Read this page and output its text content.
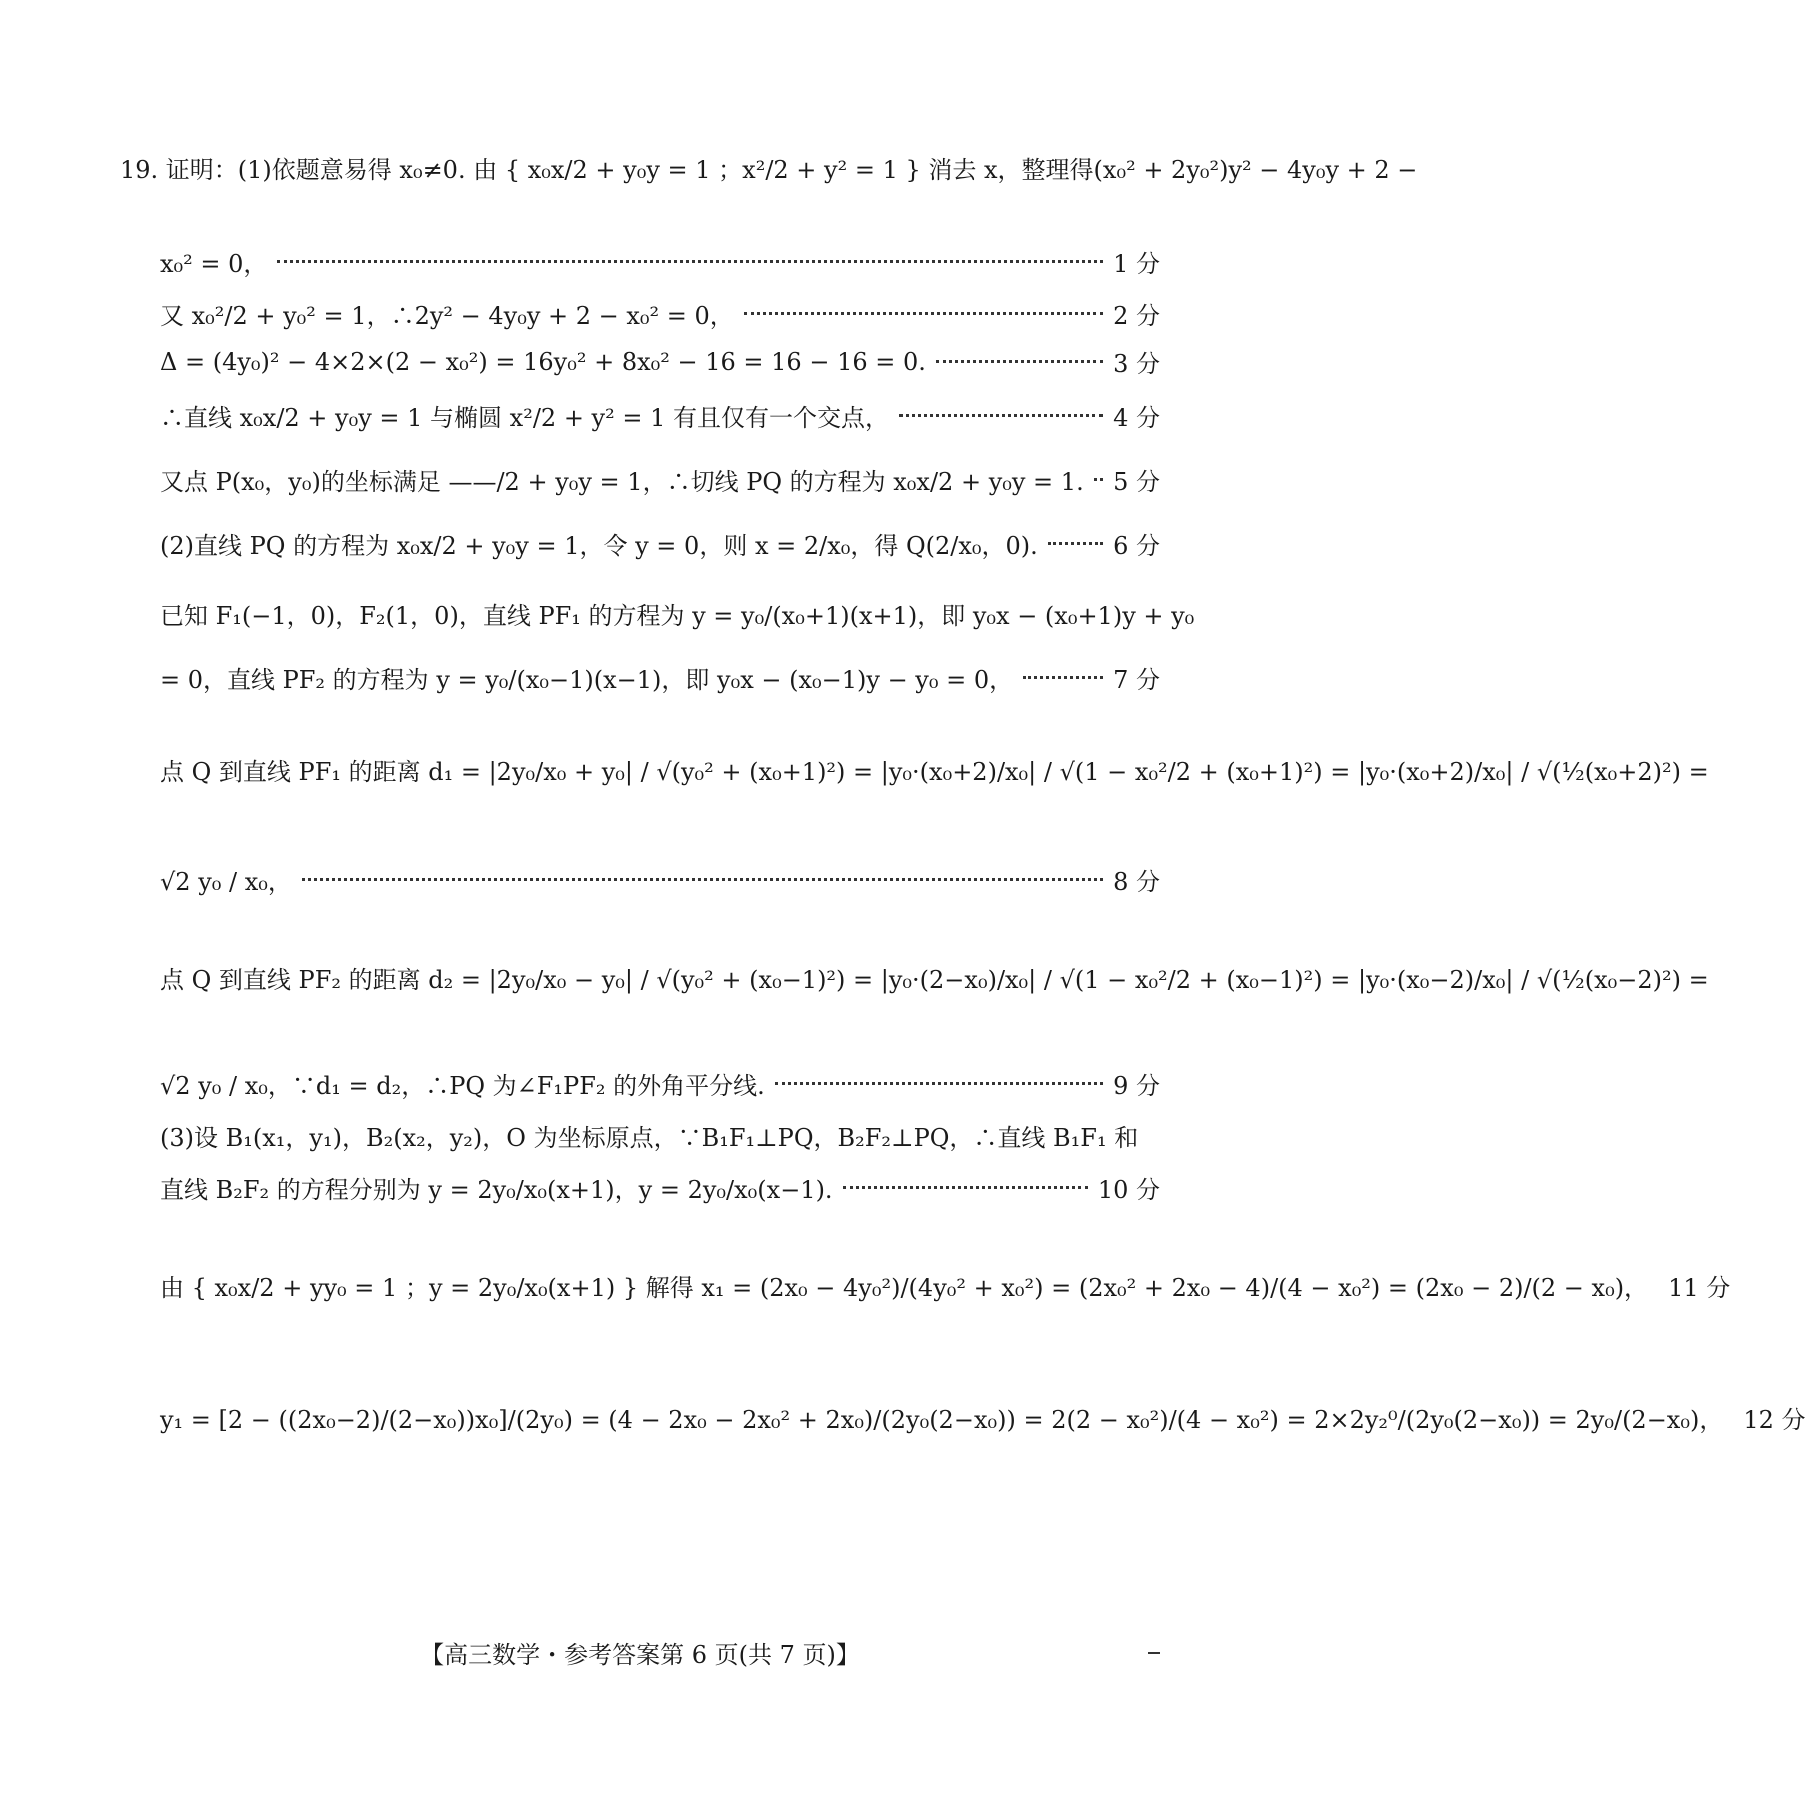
19. 证明：(1)依题意易得 x₀≠0. 由 { x₀x/2 + y₀y = 1 ；x²/2 + y² = 1 } 消去 x，整理得(x₀² + 2y₀²)y² − 4y₀y + 2 −
x₀² = 0，	1 分
又 x₀²/2 + y₀² = 1，∴2y² − 4y₀y + 2 − x₀² = 0，	2 分
Δ = (4y₀)² − 4×2×(2 − x₀²) = 16y₀² + 8x₀² − 16 = 16 − 16 = 0.	3 分
∴直线 x₀x/2 + y₀y = 1 与椭圆 x²/2 + y² = 1 有且仅有一个交点，	4 分
又点 P(x₀，y₀)的坐标满足 ——/2 + y₀y = 1，∴切线 PQ 的方程为 x₀x/2 + y₀y = 1. 5 分
(2)直线 PQ 的方程为 x₀x/2 + y₀y = 1，令 y = 0，则 x = 2/x₀，得 Q(2/x₀，0).	6 分
已知 F₁(−1，0)，F₂(1，0)，直线 PF₁ 的方程为 y = y₀/(x₀+1)(x+1)，即 y₀x − (x₀+1)y + y₀
= 0，直线 PF₂ 的方程为 y = y₀/(x₀−1)(x−1)，即 y₀x − (x₀−1)y − y₀ = 0，	7 分
点 Q 到直线 PF₁ 的距离 d₁ = |2y₀/x₀ + y₀| / √(y₀² + (x₀+1)²) = |y₀·(x₀+2)/x₀| / √(1 − x₀²/2 + (x₀+1)²) = |y₀·(x₀+2)/x₀| / √(½(x₀+2)²) =
√2 y₀ / x₀，	8 分
点 Q 到直线 PF₂ 的距离 d₂ = |2y₀/x₀ − y₀| / √(y₀² + (x₀−1)²) = |y₀·(2−x₀)/x₀| / √(1 − x₀²/2 + (x₀−1)²) = |y₀·(x₀−2)/x₀| / √(½(x₀−2)²) =
√2 y₀ / x₀，∵d₁ = d₂，∴PQ 为∠F₁PF₂ 的外角平分线.	9 分
(3)设 B₁(x₁，y₁)，B₂(x₂，y₂)，O 为坐标原点，∵B₁F₁⊥PQ，B₂F₂⊥PQ，∴直线 B₁F₁ 和
直线 B₂F₂ 的方程分别为 y = 2y₀/x₀(x+1)，y = 2y₀/x₀(x−1).	10 分
由 { x₀x/2 + yy₀ = 1 ；y = 2y₀/x₀(x+1) } 解得 x₁ = (2x₀ − 4y₀²)/(4y₀² + x₀²) = (2x₀² + 2x₀ − 4)/(4 − x₀²) = (2x₀ − 2)/(2 − x₀)， 11 分
y₁ = [2 − ((2x₀−2)/(2−x₀))x₀]/(2y₀) = (4 − 2x₀ − 2x₀² + 2x₀)/(2y₀(2−x₀)) = 2(2 − x₀²)/(4 − x₀²) = 2×2y₂⁰/(2y₀(2−x₀)) = 2y₀/(2−x₀)， 12 分
【高三数学・参考答案第 6 页(共 7 页)】
